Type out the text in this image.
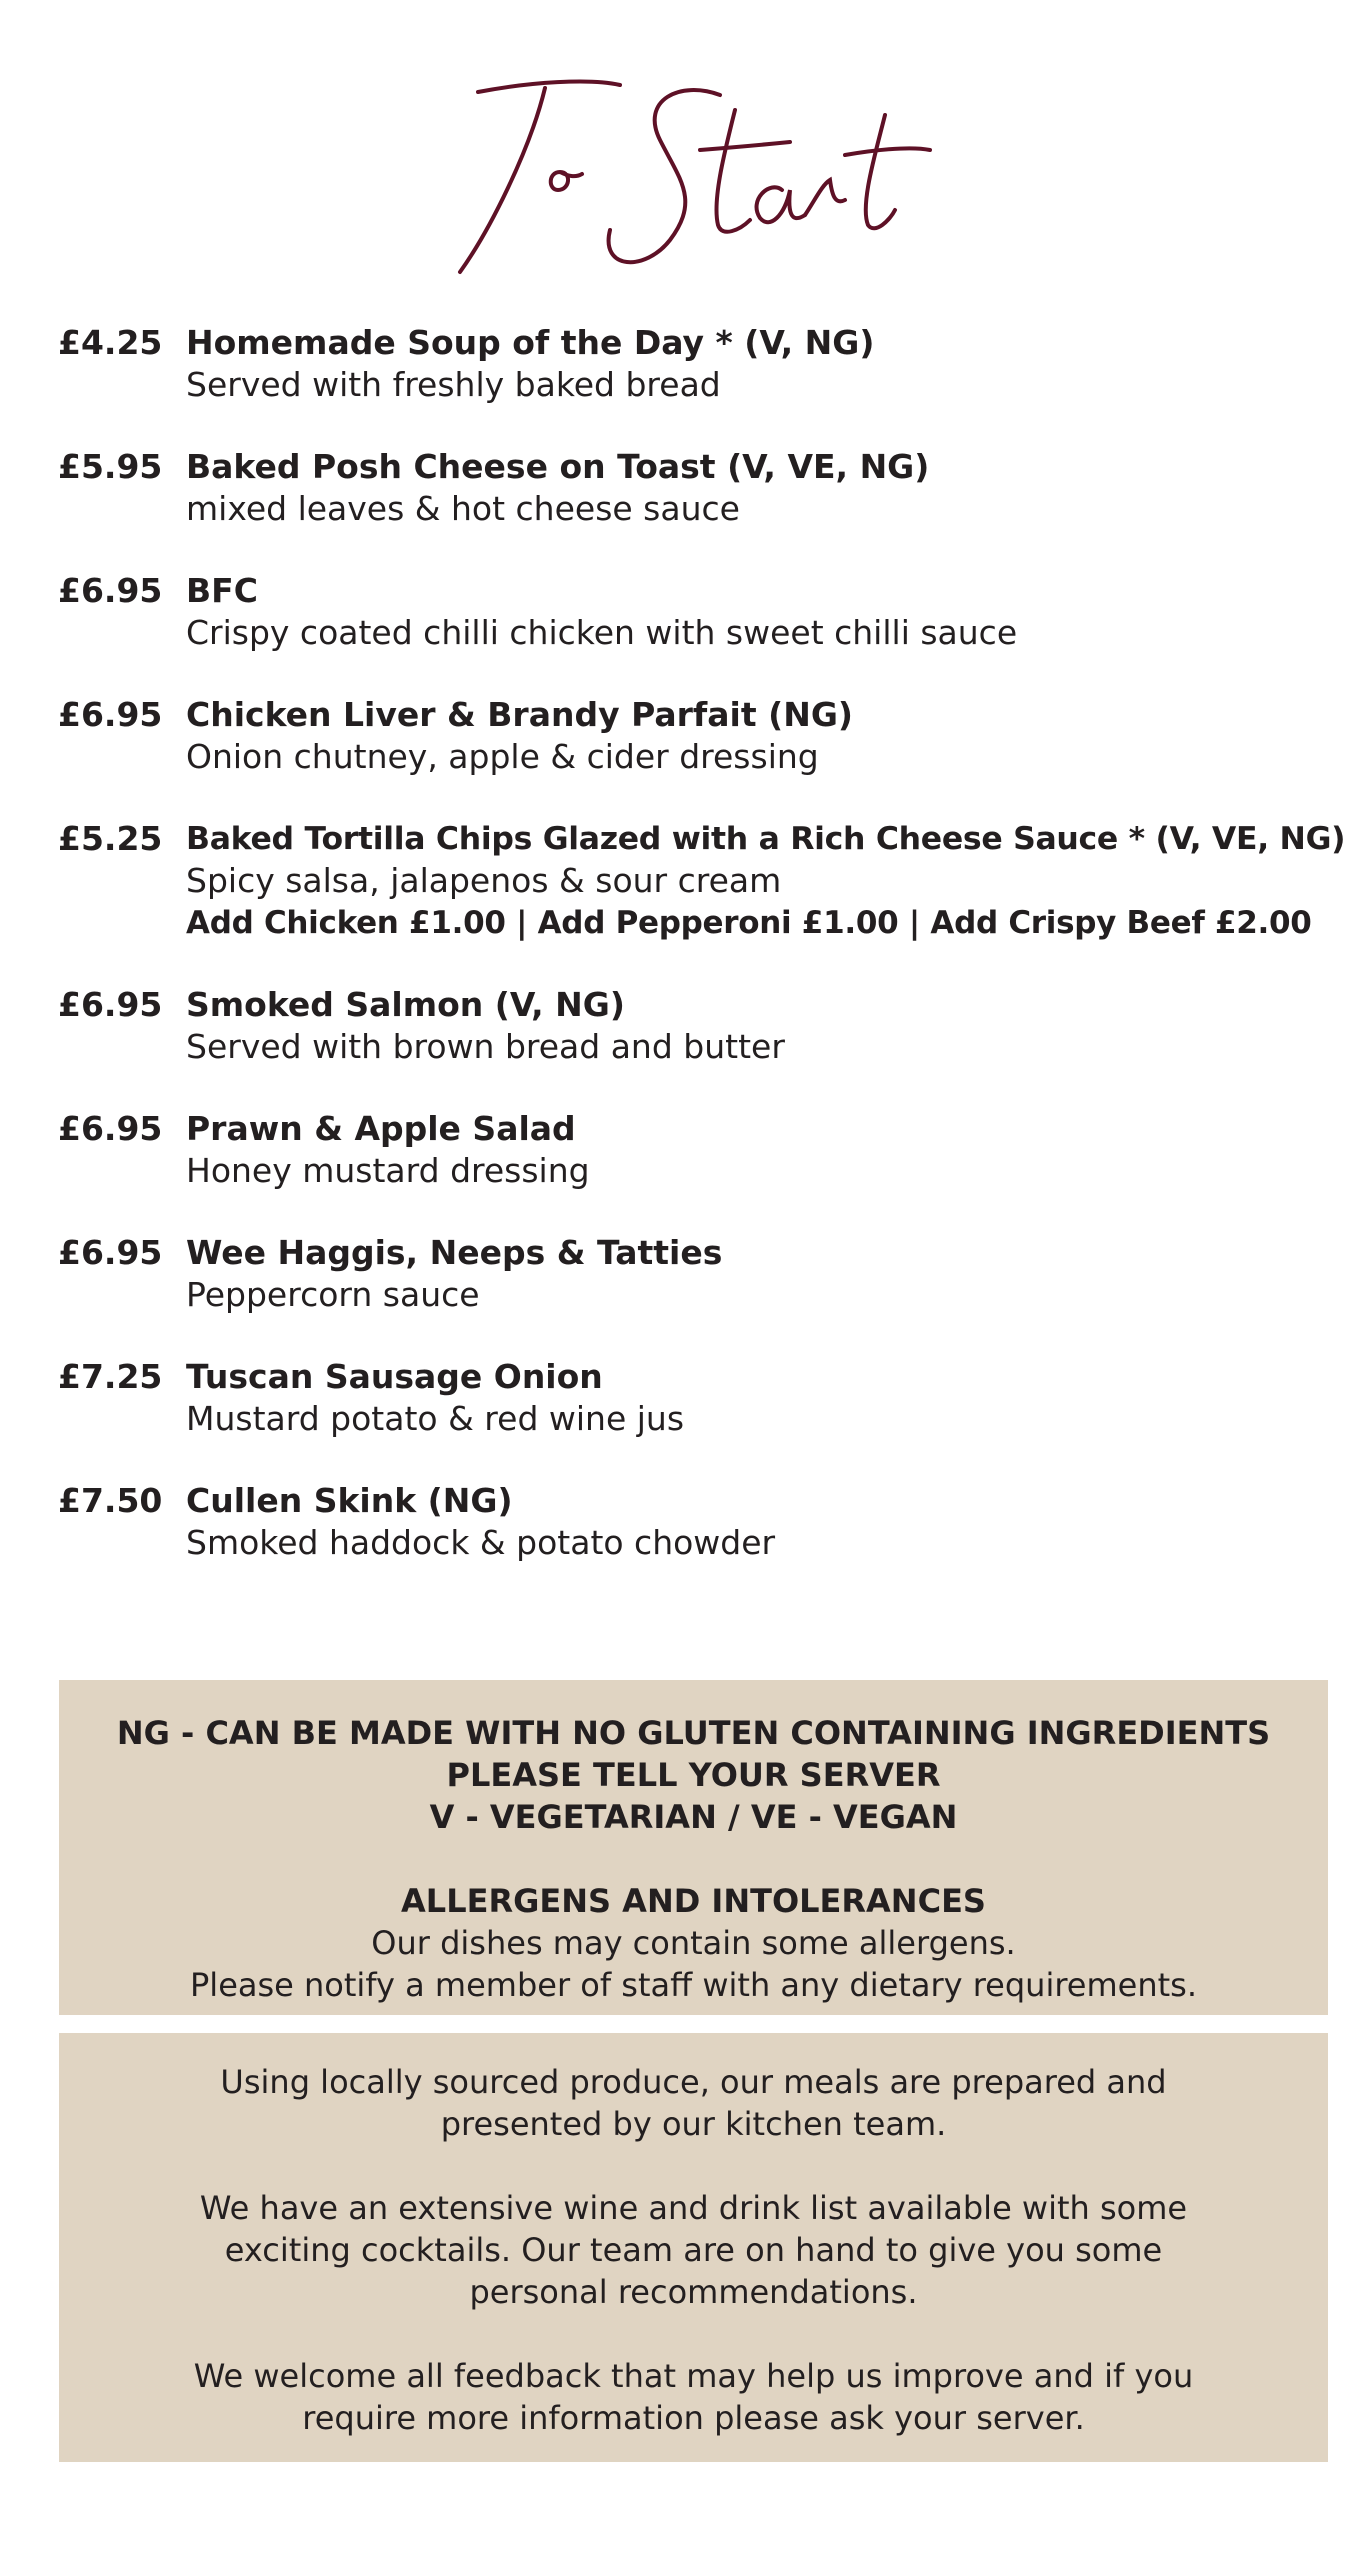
£4.25 Homemade Soup of the Day * (V, NG)
Served with freshly baked bread
£5.95 Baked Posh Cheese on Toast (V, VE, NG)
mixed leaves & hot cheese sauce
£6.95 BFC
Crispy coated chilli chicken with sweet chilli sauce
£6.95 Chicken Liver & Brandy Parfait (NG)
Onion chutney, apple & cider dressing
£5.25 Baked Tortilla Chips Glazed with a Rich Cheese Sauce * (V, VE, NG)
Spicy salsa, jalapenos & sour cream
Add Chicken £1.00 | Add Pepperoni £1.00 | Add Crispy Beef £2.00
£6.95 Smoked Salmon (V, NG)
Served with brown bread and butter
£6.95 Prawn & Apple Salad
Honey mustard dressing
£6.95 Wee Haggis, Neeps & Tatties
Peppercorn sauce
£7.25 Tuscan Sausage Onion
Mustard potato & red wine jus
£7.50 Cullen Skink (NG)
Smoked haddock & potato chowder
NG - CAN BE MADE WITH NO GLUTEN CONTAINING INGREDIENTS
PLEASE TELL YOUR SERVER
V - VEGETARIAN / VE - VEGAN
ALLERGENS AND INTOLERANCES
Our dishes may contain some allergens.
Please notify a member of staff with any dietary requirements.
Using locally sourced produce, our meals are prepared and
presented by our kitchen team.
We have an extensive wine and drink list available with some
exciting cocktails. Our team are on hand to give you some
personal recommendations.
We welcome all feedback that may help us improve and if you
require more information please ask your server.
